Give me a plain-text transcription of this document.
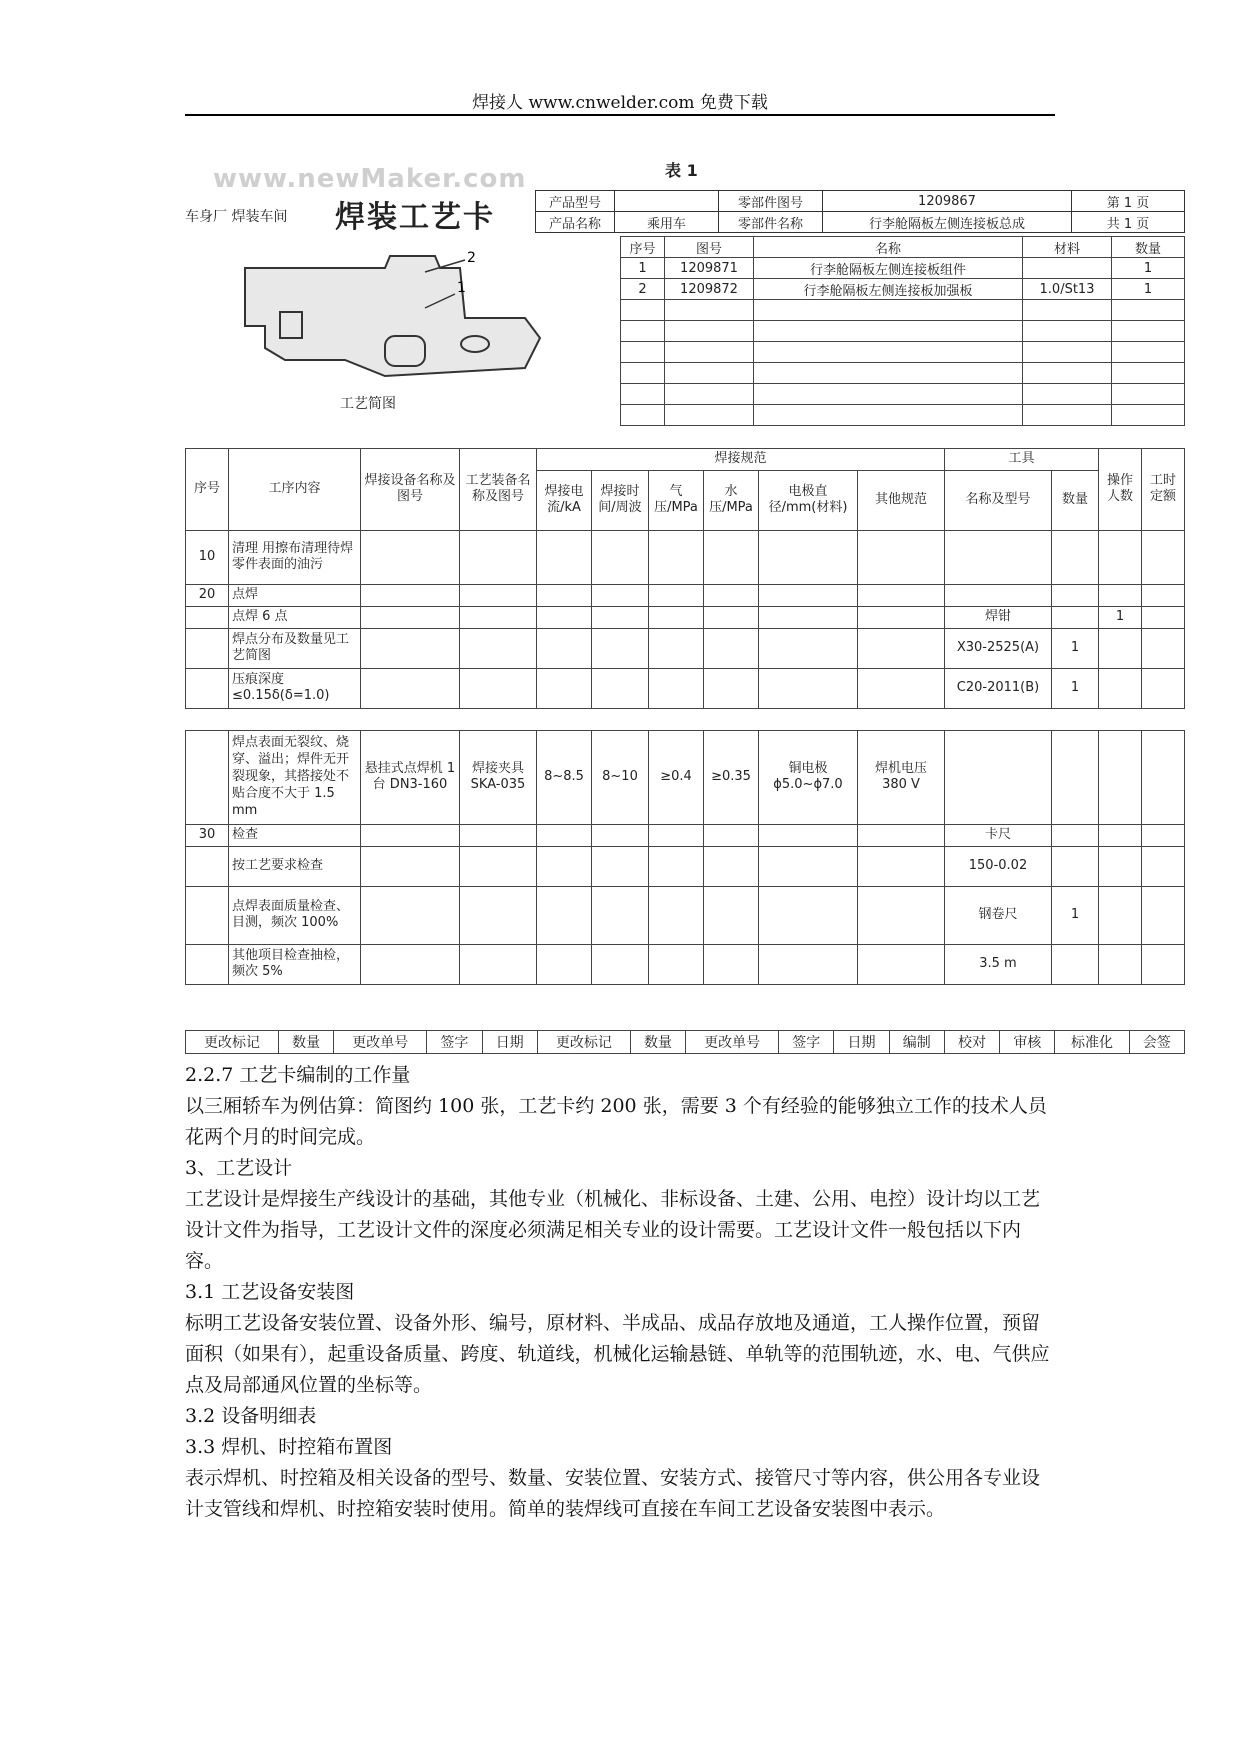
焊接人 www.cnwelder.com 免费下载
www.newMaker.com	表 1
车身厂 焊装车间 焊装工艺卡	产品型号		零部件图号	1209867	第 1 页
产品名称	乘用车	零部件名称	行李舱隔板左侧连接板总成	共 1 页
序号	图号	名称	材料	数量
1	1209871	行李舱隔板左侧连接板组件		1
2	1209872	行李舱隔板左侧连接板加强板	1.0/St13	1

2
1
工艺简图
序号	工序内容	焊接设备名称及图号	工艺装备名称及图号	焊接规范						工具		操作人数	工时定额
				焊接电流/kA	焊接时间/周波	气压/MPa	水压/MPa	电极直径/mm(材料)	其他规范	名称及型号	数量		
10	清理 用擦布清理待焊零件表面的油污												
20	点焊												
	点焊 6 点									焊钳		1	
	焊点分布及数量见工艺简图									X30-2525(A)	1		
	压痕深度≤0.15δ(δ=1.0)									C20-2011(B)	1		

	焊点表面无裂纹、烧穿、溢出；焊件无开裂现象，其搭接处不贴合度不大于 1.5 mm	悬挂式点焊机 1 台 DN3-160	焊接夹具 SKA-035	8~8.5	8~10	≥0.4	≥0.35	铜电极 ϕ5.0~ϕ7.0	焊机电压 380 V				
30	检查									卡尺			
	按工艺要求检查									150-0.02			
	点焊表面质量检查、目测，频次 100%									钢卷尺	1		
	其他项目检查抽检，频次 5%									3.5 m			
更改标记	数量	更改单号	签字	日期	更改标记	数量	更改单号	签字	日期	编制	校对	审核	标准化	会签

2.2.7 工艺卡编制的工作量

以三厢轿车为例估算：简图约 100 张，工艺卡约 200 张，需要 3 个有经验的能够独立工作的技术人员花两个月的时间完成。

3、工艺设计

工艺设计是焊接生产线设计的基础，其他专业（机械化、非标设备、土建、公用、电控）设计均以工艺设计文件为指导，工艺设计文件的深度必须满足相关专业的设计需要。工艺设计文件一般包括以下内容。

3.1 工艺设备安装图

标明工艺设备安装位置、设备外形、编号，原材料、半成品、成品存放地及通道，工人操作位置，预留面积（如果有），起重设备质量、跨度、轨道线，机械化运输悬链、单轨等的范围轨迹，水、电、气供应点及局部通风位置的坐标等。

3.2 设备明细表

3.3 焊机、时控箱布置图

表示焊机、时控箱及相关设备的型号、数量、安装位置、安装方式、接管尺寸等内容，供公用各专业设计支管线和焊机、时控箱安装时使用。简单的装焊线可直接在车间工艺设备安装图中表示。
